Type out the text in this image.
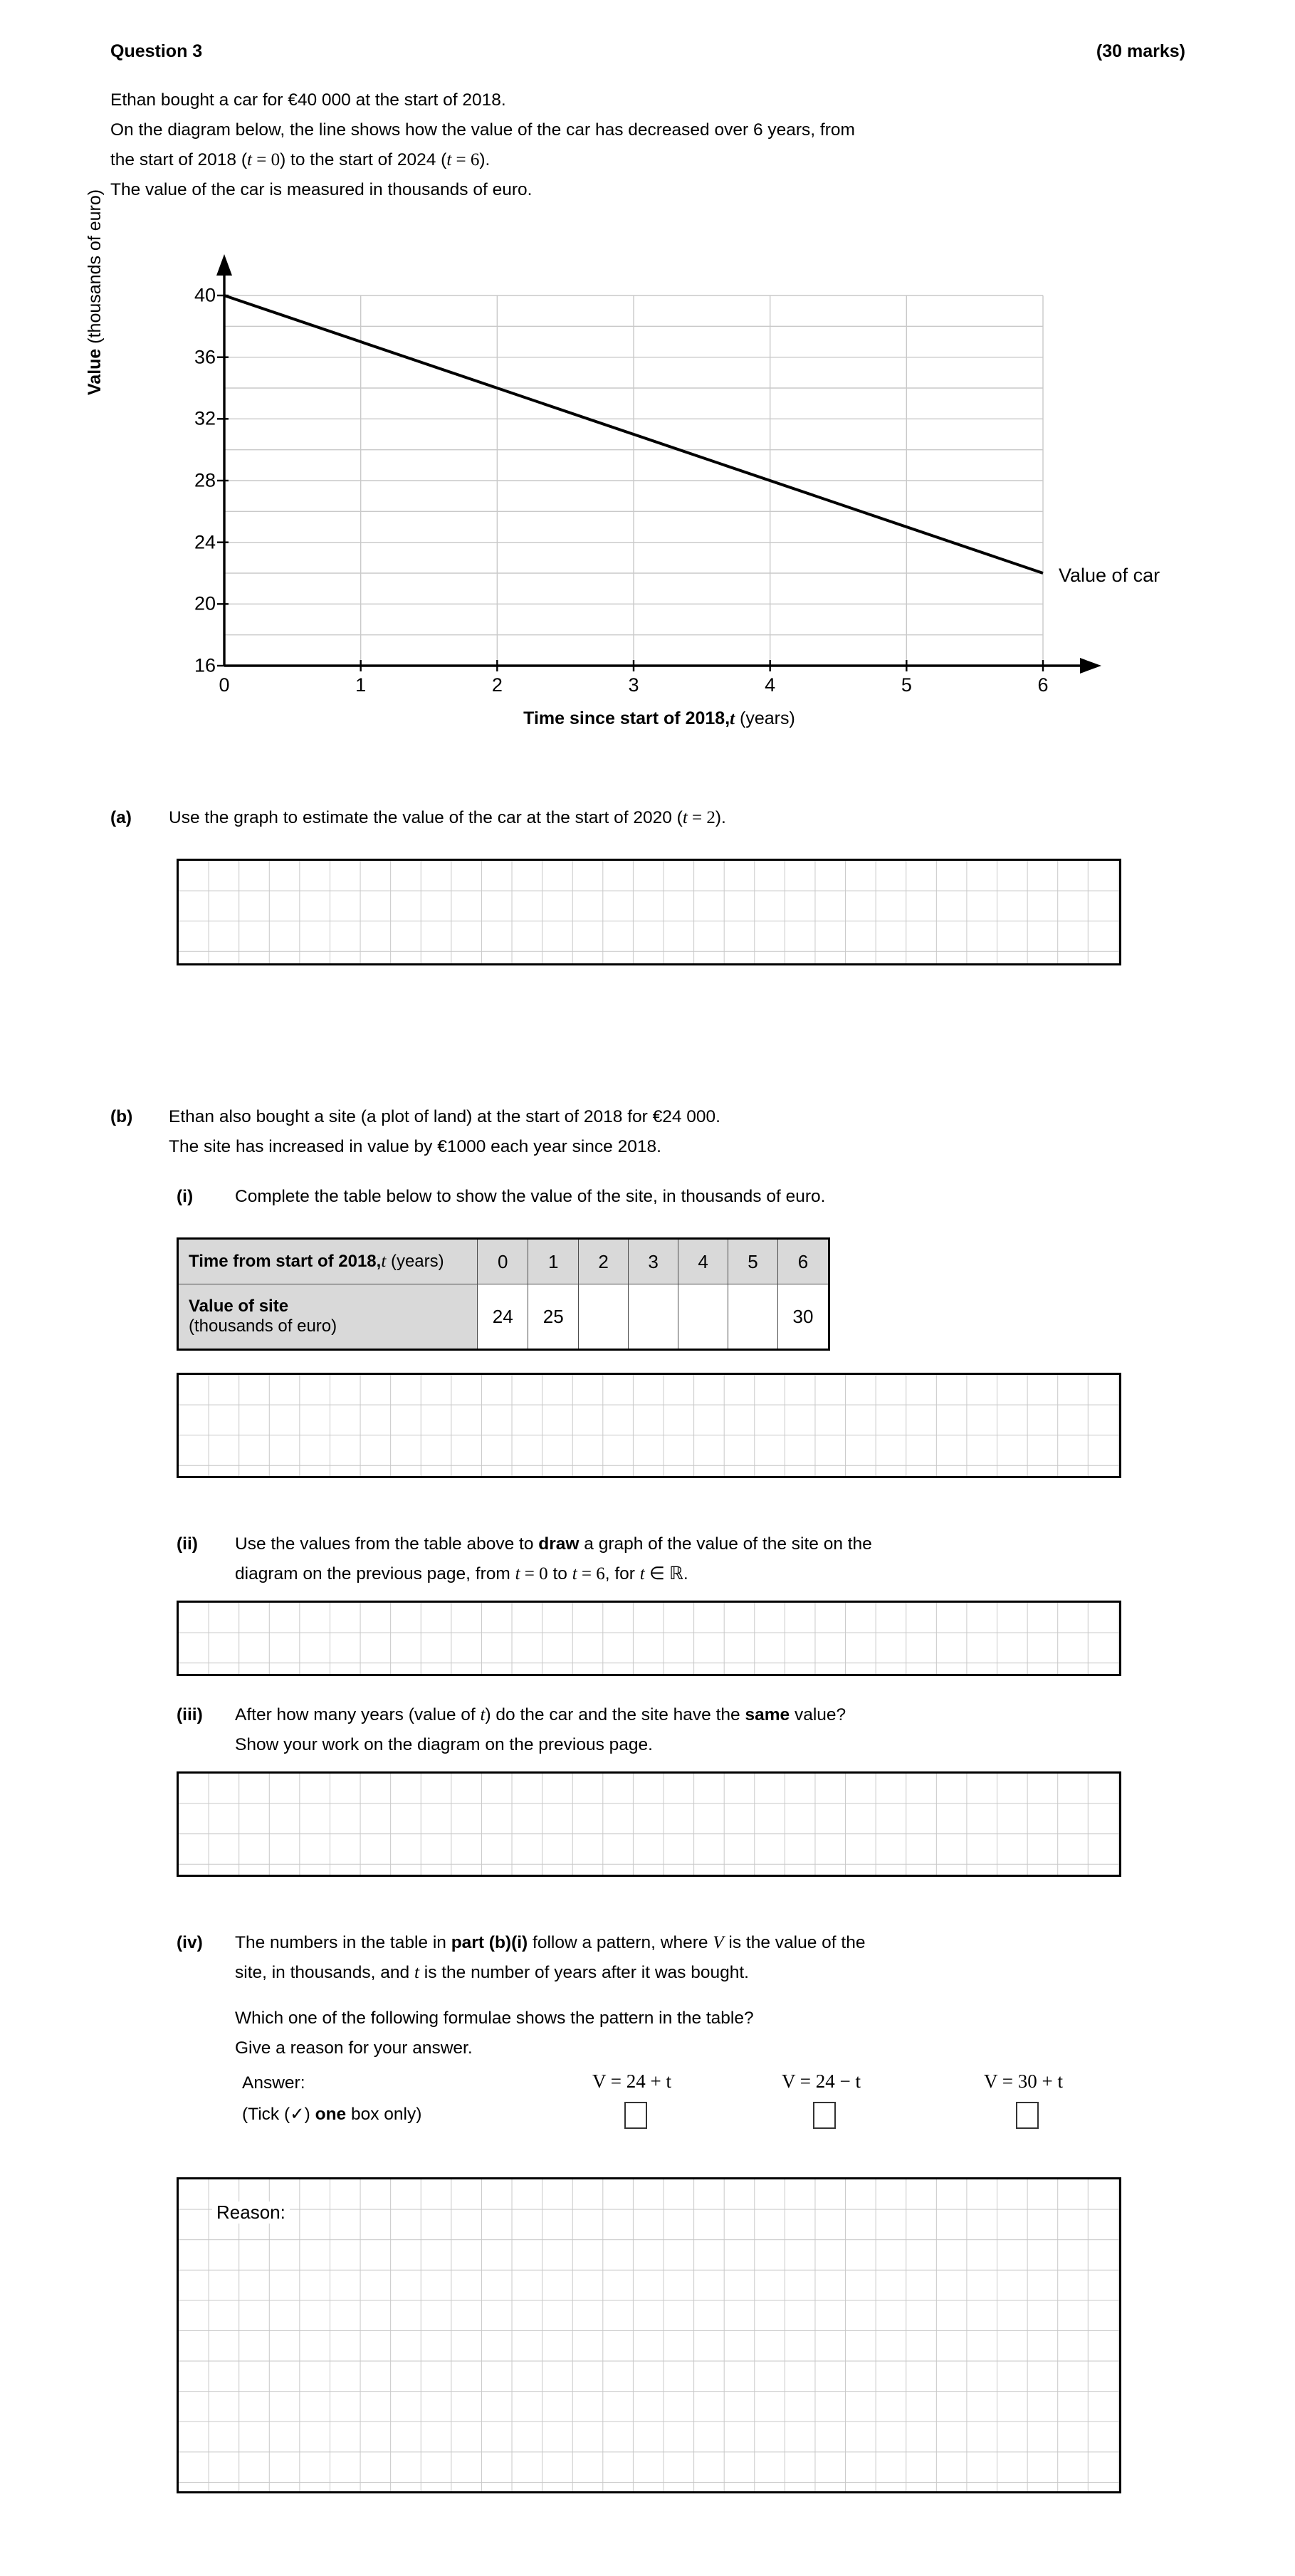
Question 3	(30 marks)
Ethan bought a car for €40 000 at the start of 2018.
On the diagram below, the line shows how the value of the car has decreased over 6 years, from
the start of 2018 (t = 0) to the start of 2024 (t = 6).
The value of the car is measured in thousands of euro.
Value (thousands of euro)	40
36
32
28
24
20
16
0	1	2	3	4	5	6
Value of car
Time since start of 2018,t (years)
(a) Use the graph to estimate the value of the car at the start of 2020 (t = 2).
(b) Ethan also bought a site (a plot of land) at the start of 2018 for €24 000.
The site has increased in value by €1000 each year since 2018.
(i) Complete the table below to show the value of the site, in thousands of euro.
Time from start of 2018,t (years)	0	1	2	3	4	5	6

Value of site
(thousands of euro)	24	25					30
(ii) Use the values from the table above to draw a graph of the value of the site on the
diagram on the previous page, from t = 0 to t = 6, for t ∈ ℝ.
(iii) After how many years (value of t) do the car and the site have the same value?
Show your work on the diagram on the previous page.
(iv) The numbers in the table in part (b)(i) follow a pattern, where V is the value of the
site, in thousands, and t is the number of years after it was bought.
Which one of the following formulae shows the pattern in the table?
Give a reason for your answer.
Answer:
(Tick (✓) one box only)
V = 24 + t	V = 24 − t	V = 30 + t
Reason:
